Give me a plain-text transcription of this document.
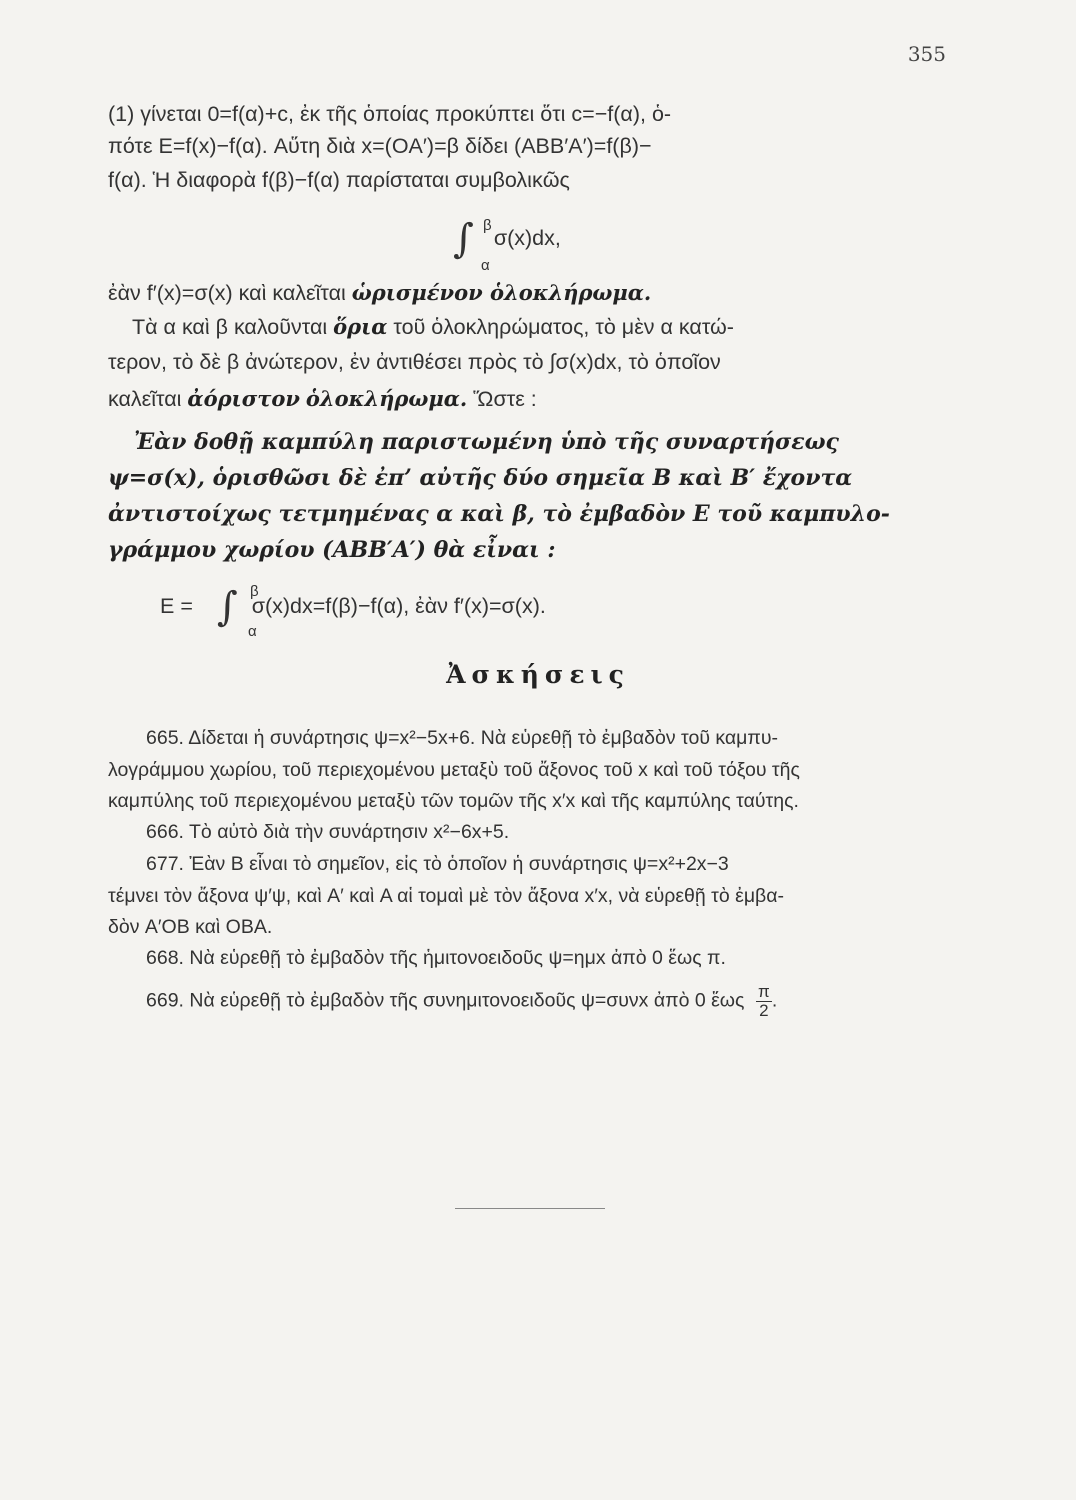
355
(1) γίνεται 0=f(α)+c, ἐκ τῆς ὁποίας προκύπτει ὅτι c=−f(α), ὁ-
πότε E=f(x)−f(α). Αὕτη διὰ x=(OA′)=β δίδει (ABB′A′)=f(β)−
f(α). Ἡ διαφορὰ f(β)−f(α) παρίσταται συμβολικῶς
∫ β
α
σ(x)dx,
ἐὰν f′(x)=σ(x) καὶ καλεῖται ὡρισμένον ὁλοκλήρωμα.
Τὰ α καὶ β καλοῦνται ὅρια τοῦ ὁλοκληρώματος, τὸ μὲν α κατώ-
τερον, τὸ δὲ β ἀνώτερον, ἐν ἀντιθέσει πρὸς τὸ ∫σ(x)dx, τὸ ὁποῖον
καλεῖται ἀόριστον ὁλοκλήρωμα. Ὥστε :
Ἐὰν δοθῇ καμπύλη παριστωμένη ὑπὸ τῆς συναρτήσεως
ψ=σ(x), ὁρισθῶσι δὲ ἐπ’ αὐτῆς δύο σημεῖα B καὶ B′ ἔχοντα
ἀντιστοίχως τετμημένας α καὶ β, τὸ ἐμβαδὸν E τοῦ καμπυλο-
γράμμου χωρίου (ABB′A′) θὰ εἶναι :
E = ∫ β
α
σ(x)dx=f(β)−f(α), ἐὰν f′(x)=σ(x).
Ἀσκήσεις
665. Δίδεται ἡ συνάρτησις ψ=x²−5x+6. Νὰ εὑρεθῇ τὸ ἐμβαδὸν τοῦ καμπυ-
λογράμμου χωρίου, τοῦ περιεχομένου μεταξὺ τοῦ ἄξονος τοῦ x καὶ τοῦ τόξου τῆς
καμπύλης τοῦ περιεχομένου μεταξὺ τῶν τομῶν τῆς x′x καὶ τῆς καμπύλης ταύτης.
666. Τὸ αὐτὸ διὰ τὴν συνάρτησιν x²−6x+5.
677. Ἐὰν B εἶναι τὸ σημεῖον, εἰς τὸ ὁποῖον ἡ συνάρτησις ψ=x²+2x−3
τέμνει τὸν ἄξονα ψ′ψ, καὶ A′ καὶ A αἱ τομαὶ μὲ τὸν ἄξονα x′x, νὰ εὑρεθῇ τὸ ἐμβα-
δὸν A′OB καὶ OBA.
668. Νὰ εὑρεθῇ τὸ ἐμβαδὸν τῆς ἡμιτονοειδοῦς ψ=ημx ἀπὸ 0 ἕως π.
669. Νὰ εὑρεθῇ τὸ ἐμβαδὸν τῆς συνημιτονοειδοῦς ψ=συνx ἀπὸ 0 ἕως $\frac{\pi}{2}$ .
